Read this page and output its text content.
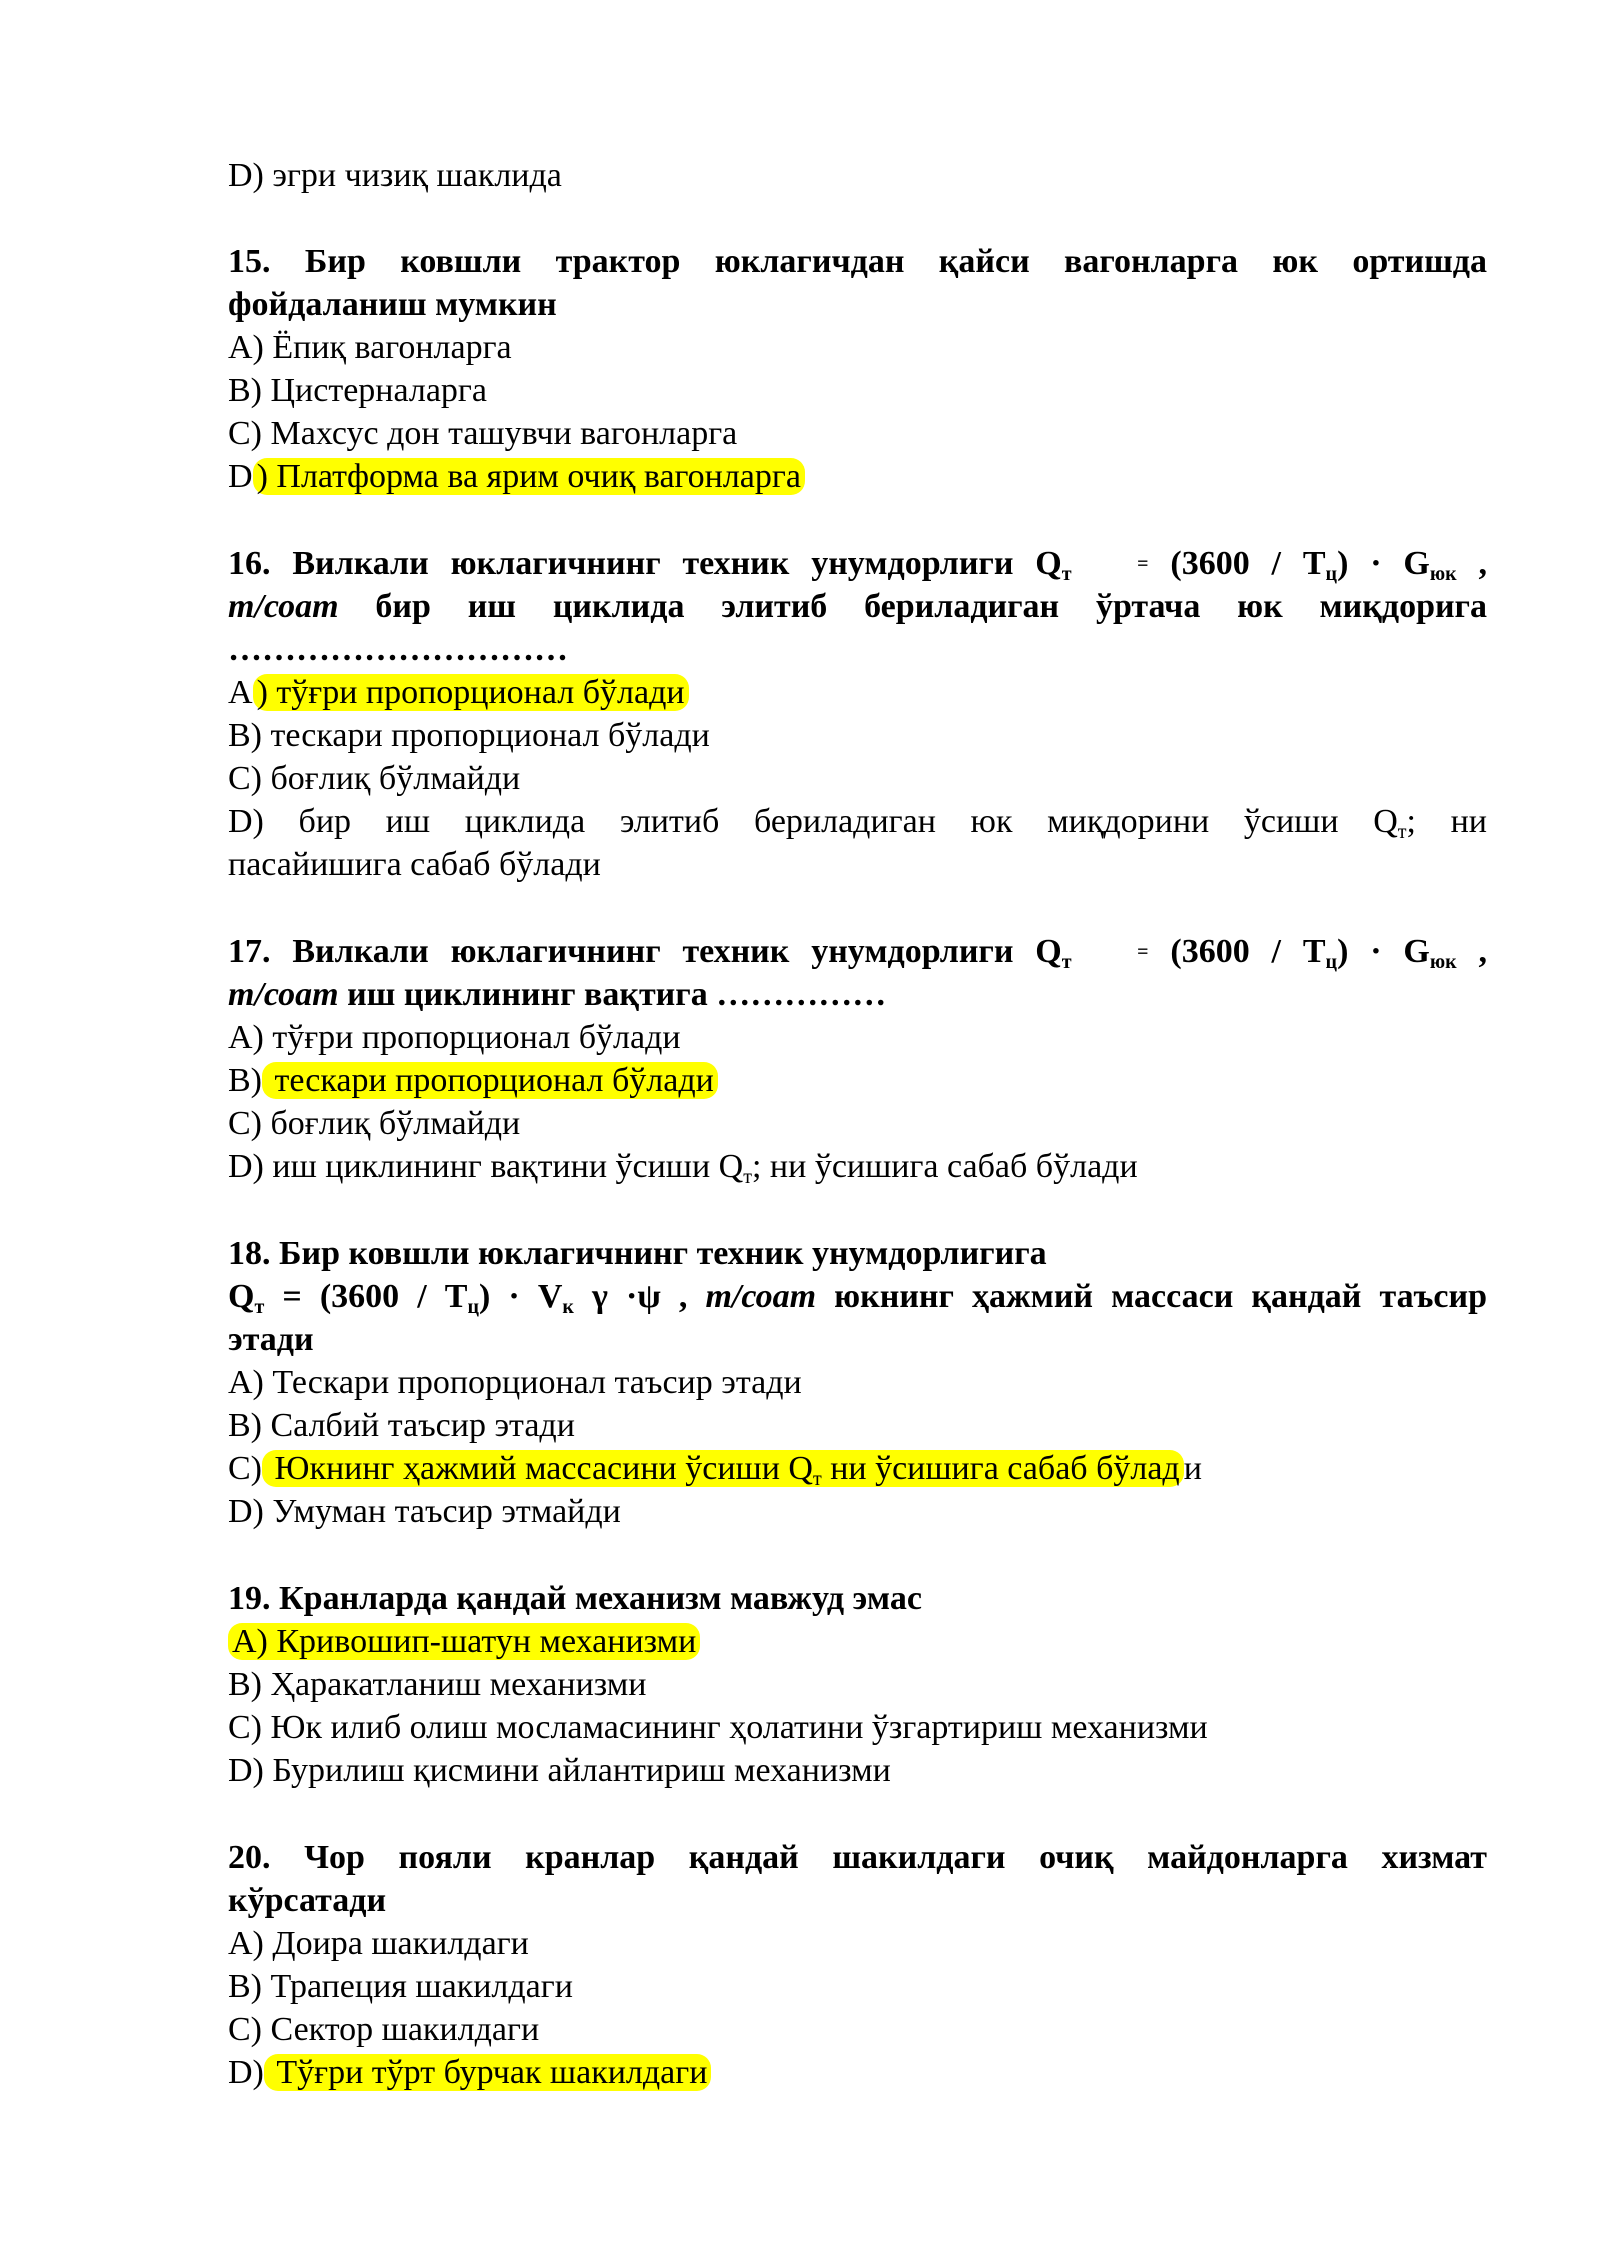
D) эгри чизиқ шаклида
15. Бир ковшли трактор юклагичдан қайси вагонларга юк ортишда
фойдаланиш мумкин
A) Ёпиқ вагонларга
B) Цистерналарга
C) Махсус дон ташувчи вагонларга
D ) Платформа ва ярим очиқ вагонларга
16. Вилкали юклагичнинг техник унумдорлиги $Q_т$	= $(3600 / T_ц) \cdot G_{юк}$ ,
т/соат бир иш циклида элитиб бериладиган ўртача юк миқдорига
…………………………
A ) тўғри пропорционал бўлади
B) тескари пропорционал бўлади
C) боғлиқ бўлмайди
D) бир иш циклида элитиб бериладиган юк миқдорини ўсиши $Q_т$; ни
пасайишига сабаб бўлади
17. Вилкали юклагичнинг техник унумдорлиги $Q_т$	= $(3600 / T_ц) \cdot G_{юк}$ ,
т/соат иш циклининг вақтига ……………
A) тўғри пропорционал бўлади
B) тескари пропорционал бўлади
C) боғлиқ бўлмайди
D) иш циклининг вақтини ўсиши $Q_т$; ни ўсишига сабаб бўлади
18. Бир ковшли юклагичнинг техник унумдорлигига
$Q_т = (3600 / T_ц) \cdot V_к$ γ ·ψ , т/соат юкнинг ҳажмий массаси қандай таъсир
этади
A) Тескари пропорционал таъсир этади
B) Салбий таъсир этади
C) Юкнинг ҳажмий массасини ўсиши $Q_т$ ни ўсишига сабаб бўлад и
D) Умуман таъсир этмайди
19. Кранларда қандай механизм мавжуд эмас
A) Кривошип-шатун механизми
B) Ҳаракатланиш механизми
C) Юк илиб олиш мосламасининг ҳолатини ўзгартириш механизми
D) Бурилиш қисмини айлантириш механизми
20. Чор пояли кранлар қандай шакилдаги очиқ майдонларга хизмат
кўрсатади
A) Доира шакилдаги
B) Трапеция шакилдаги
C) Сектор шакилдаги
D) Тўғри тўрт бурчак шакилдаги
